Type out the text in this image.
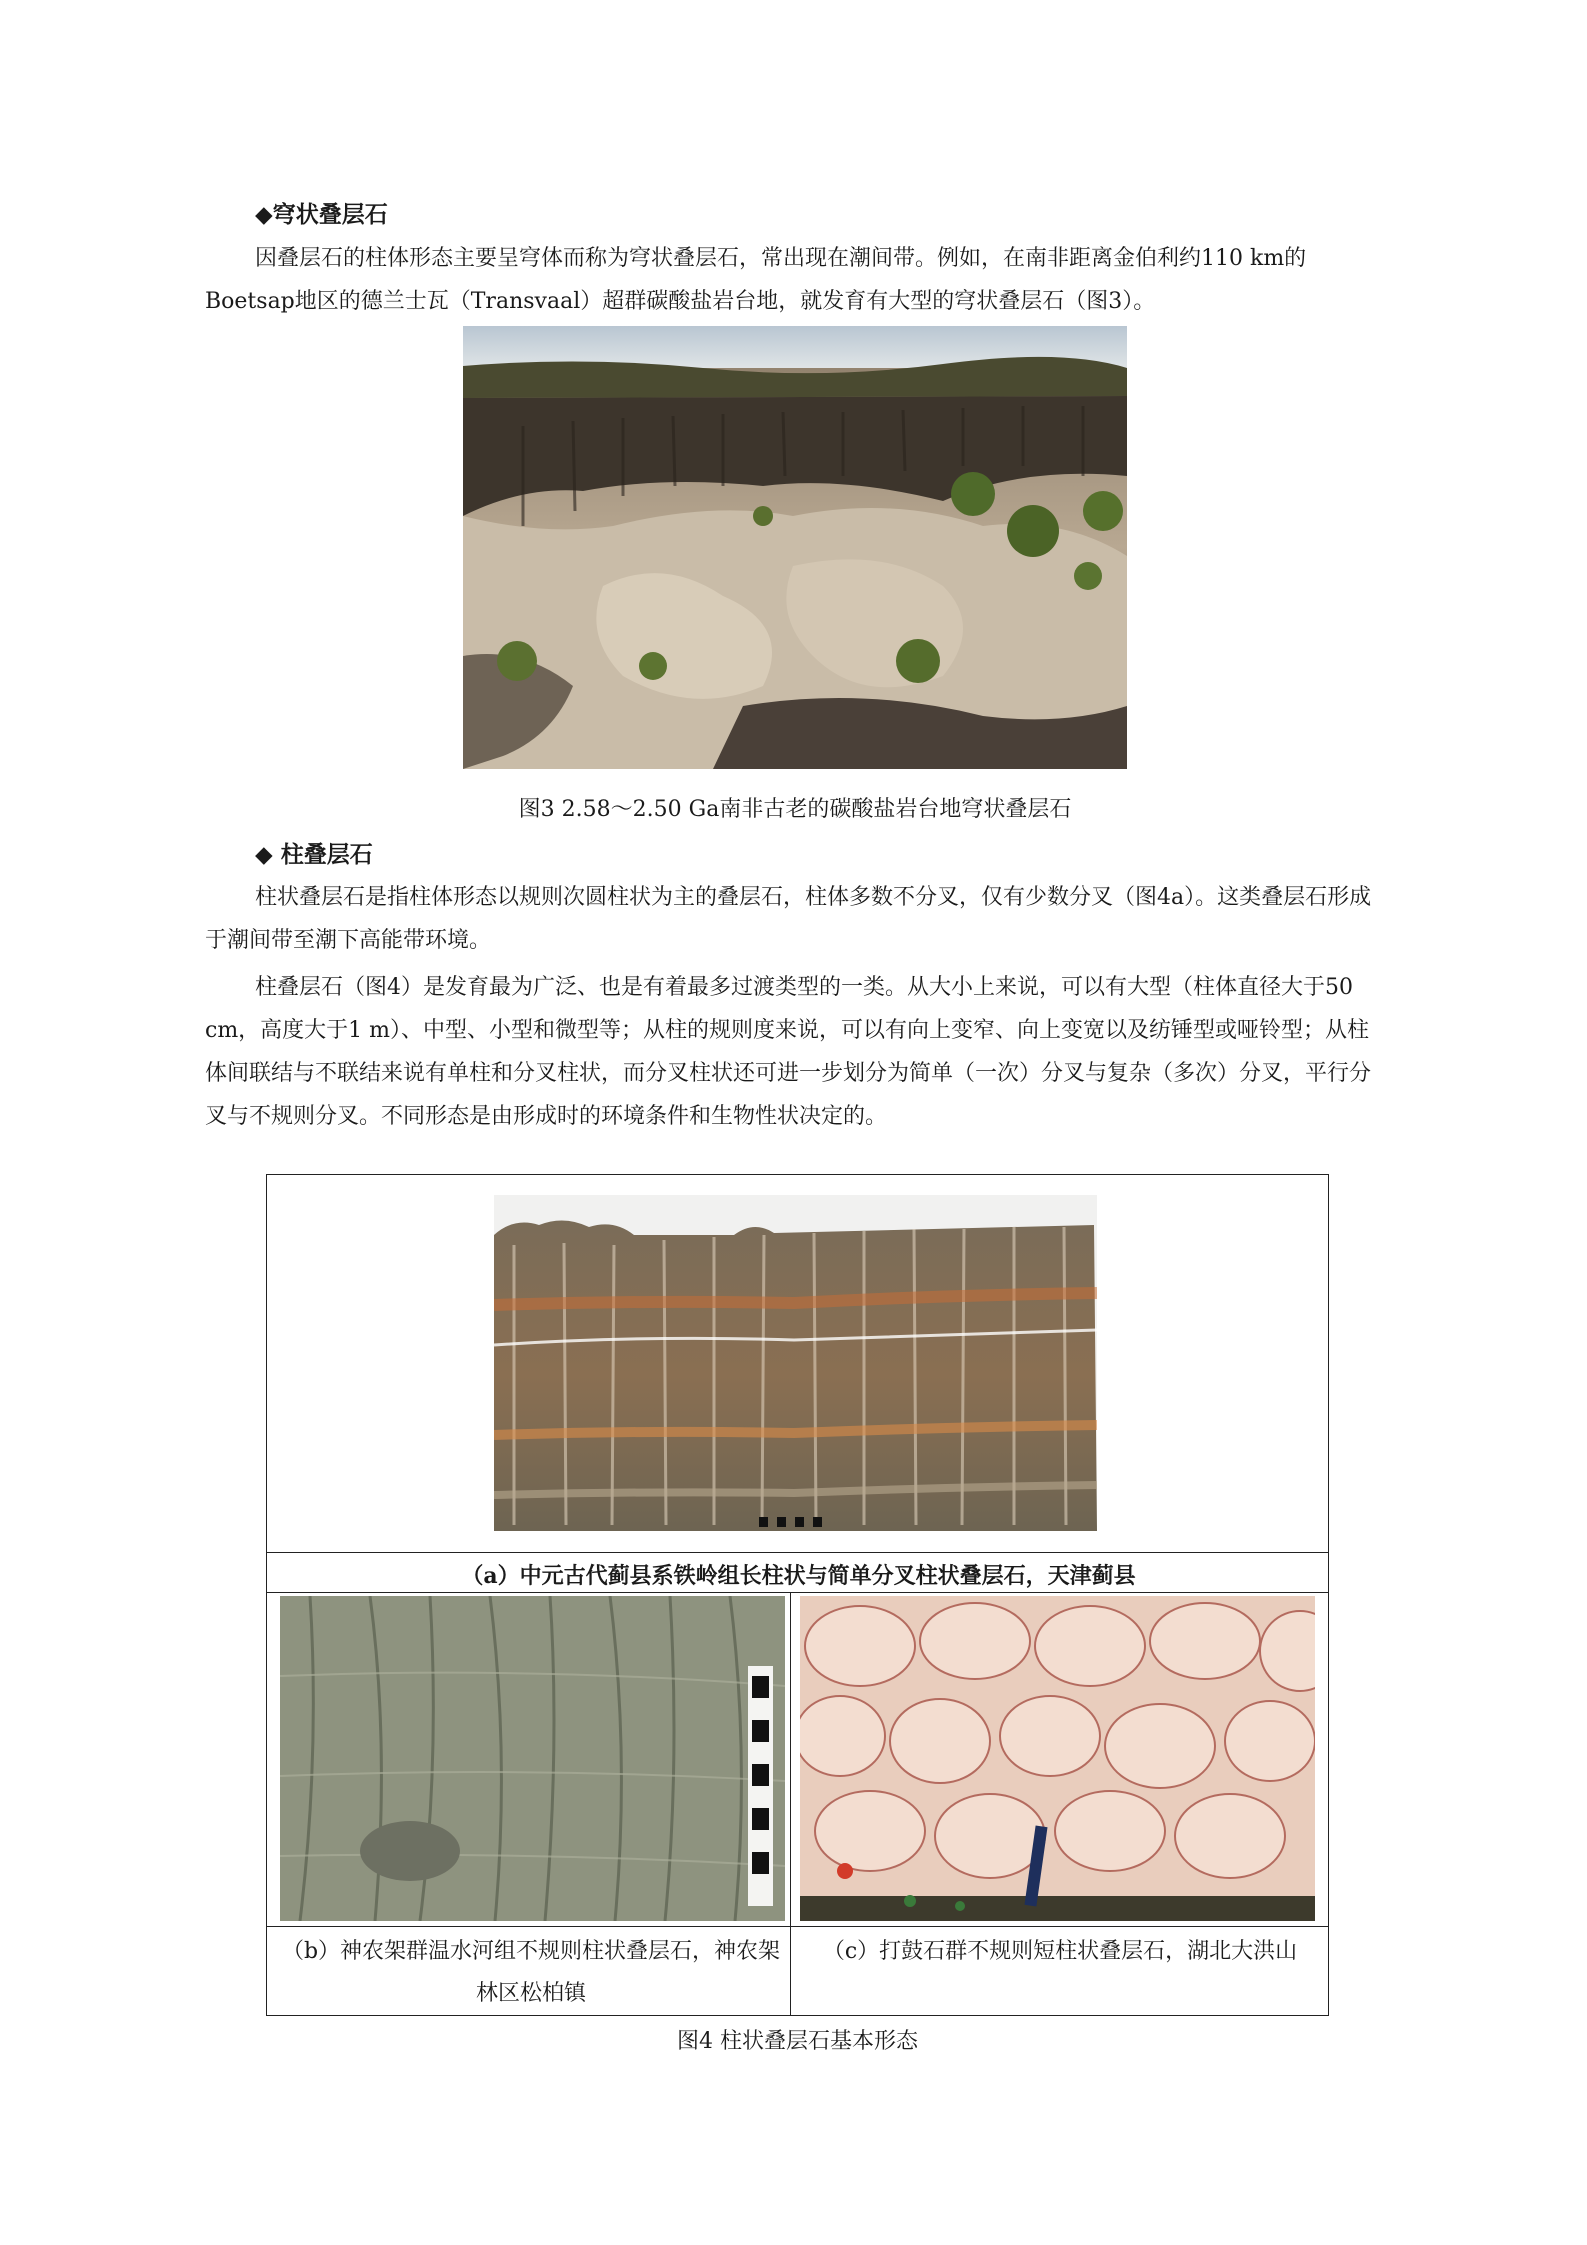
◆穹状叠层石
因叠层石的柱体形态主要呈穹体而称为穹状叠层石，常出现在潮间带。例如，在南非距离金伯利约110 km的
Boetsap地区的德兰士瓦（Transvaal）超群碳酸盐岩台地，就发育有大型的穹状叠层石（图3）。
图3 2.58～2.50 Ga南非古老的碳酸盐岩台地穹状叠层石
◆ 柱叠层石
柱状叠层石是指柱体形态以规则次圆柱状为主的叠层石，柱体多数不分叉，仅有少数分叉（图4a）。这类叠层石形成于潮间带至潮下高能带环境。
柱叠层石（图4）是发育最为广泛、也是有着最多过渡类型的一类。从大小上来说，可以有大型（柱体直径大于50 cm，高度大于1 m）、中型、小型和微型等；从柱的规则度来说，可以有向上变窄、向上变宽以及纺锤型或哑铃型；从柱体间联结与不联结来说有单柱和分叉柱状，而分叉柱状还可进一步划分为简单（一次）分叉与复杂（多次）分叉，平行分叉与不规则分叉。不同形态是由形成时的环境条件和生物性状决定的。
（a）中元古代蓟县系铁岭组长柱状与简单分叉柱状叠层石，天津蓟县
（b）神农架群温水河组不规则柱状叠层石，神农架林区松柏镇
（c）打鼓石群不规则短柱状叠层石，湖北大洪山
图4 柱状叠层石基本形态
